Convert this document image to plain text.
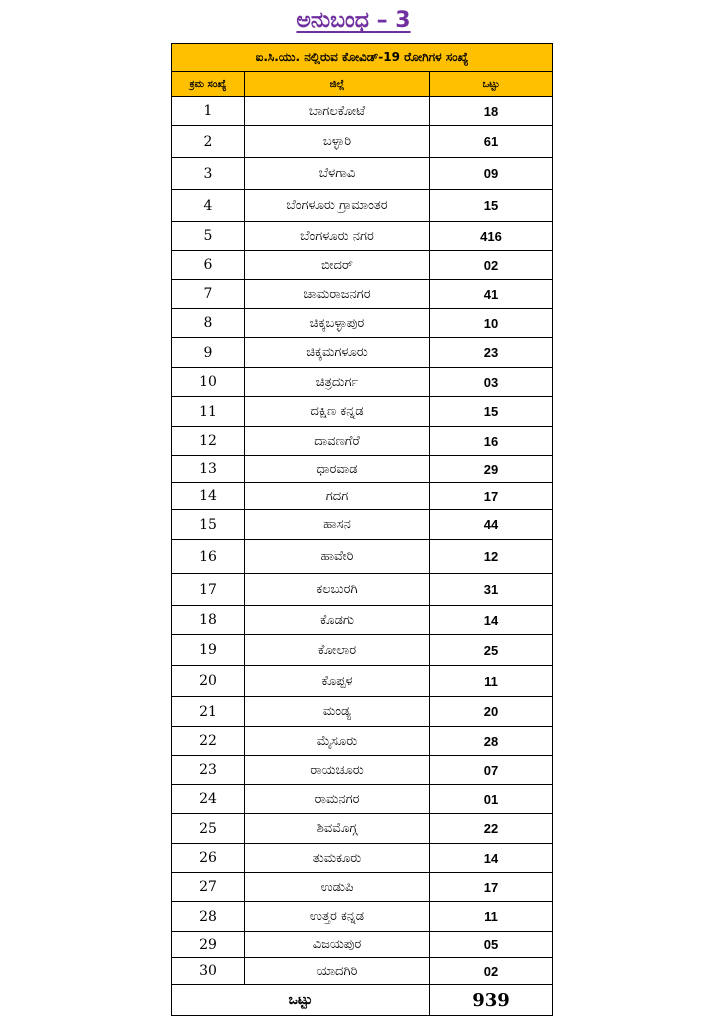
ಅನುಬಂಧ – 3
ಐ.ಸಿ.ಯು. ನಲ್ಲಿರುವ ಕೋವಿಡ್-19 ರೋಗಿಗಳ ಸಂಖ್ಯೆ		
ಕ್ರಮ ಸಂಖ್ಯೆ	ಜಿಲ್ಲೆ	ಒಟ್ಟು
1	ಬಾಗಲಕೋಟೆ	18
2	ಬಳ್ಳಾರಿ	61
3	ಬೆಳಗಾವಿ	09
4	ಬೆಂಗಳೂರು ಗ್ರಾಮಾಂತರ	15
5	ಬೆಂಗಳೂರು ನಗರ	416
6	ಬೀದರ್	02
7	ಚಾಮರಾಜನಗರ	41
8	ಚಿಕ್ಕಬಳ್ಳಾಪುರ	10
9	ಚಿಕ್ಕಮಗಳೂರು	23
10	ಚಿತ್ರದುರ್ಗ	03
11	ದಕ್ಷಿಣ ಕನ್ನಡ	15
12	ದಾವಣಗೆರೆ	16
13	ಧಾರವಾಡ	29
14	ಗದಗ	17
15	ಹಾಸನ	44
16	ಹಾವೇರಿ	12
17	ಕಲಬುರಗಿ	31
18	ಕೊಡಗು	14
19	ಕೋಲಾರ	25
20	ಕೊಪ್ಪಳ	11
21	ಮಂಡ್ಯ	20
22	ಮೈಸೂರು	28
23	ರಾಯಚೂರು	07
24	ರಾಮನಗರ	01
25	ಶಿವಮೊಗ್ಗ	22
26	ತುಮಕೂರು	14
27	ಉಡುಪಿ	17
28	ಉತ್ತರ ಕನ್ನಡ	11
29	ವಿಜಯಪುರ	05
30	ಯಾದಗಿರಿ	02
ಒಟ್ಟು		939
